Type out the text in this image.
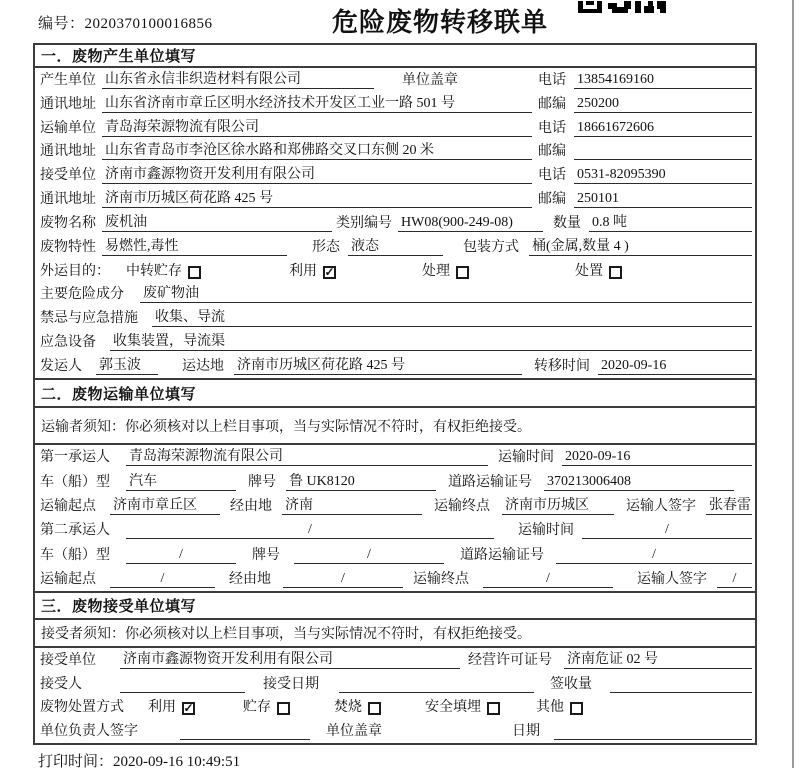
编号：2020370100016856	危险废物转移联单
一．废物产生单位填写
产生单位 山东省永信非织造材料有限公司	单位盖章	电话 13854169160
通讯地址 山东省济南市章丘区明水经济技术开发区工业一路 501 号	邮编 250200
运输单位 青岛海荣源物流有限公司	电话 18661672606
通讯地址 山东省青岛市李沧区徐水路和郑佛路交叉口东侧 20 米	邮编
接受单位 济南市鑫源物资开发利用有限公司	电话 0531-82095390
通讯地址 济南市历城区荷花路 425 号	邮编 250101
废物名称 废机油	类别编号 HW08(900-249-08)	数量 0.8 吨
废物特性 易燃性,毒性	形态 液态	包装方式 桶(金属,数量 4 )
外运目的：	中转贮存	利用 ✓	处理	处置
主要危险成分	废矿物油
禁忌与应急措施	收集、导流
应急设备	收集装置，导流渠
发运人	郭玉波	运达地 济南市历城区荷花路 425 号	转移时间 2020-09-16
二．废物运输单位填写
运输者须知：你必须核对以上栏目事项，当与实际情况不符时，有权拒绝接受。
第一承运人	青岛海荣源物流有限公司	运输时间 2020-09-16
车（船）型	汽车	牌号 鲁 UK8120	道路运输证号	370213006408
运输起点	济南市章丘区	经由地 济南	运输终点	济南市历城区	运输人签字 张春雷
第二承运人	/	运输时间	/
车（船）型	/	牌号	/	道路运输证号	/
运输起点	/	经由地	/	运输终点	/	运输人签字	/
三．废物接受单位填写
接受者须知：你必须核对以上栏目事项，当与实际情况不符时，有权拒绝接受。
接受单位	济南市鑫源物资开发利用有限公司	经营许可证号	济南危证 02 号
接受人	接受日期	签收量
废物处置方式	利用 ✓	贮存	焚烧	安全填埋	其他
单位负责人签字	单位盖章	日期
打印时间：2020-09-16 10:49:51
